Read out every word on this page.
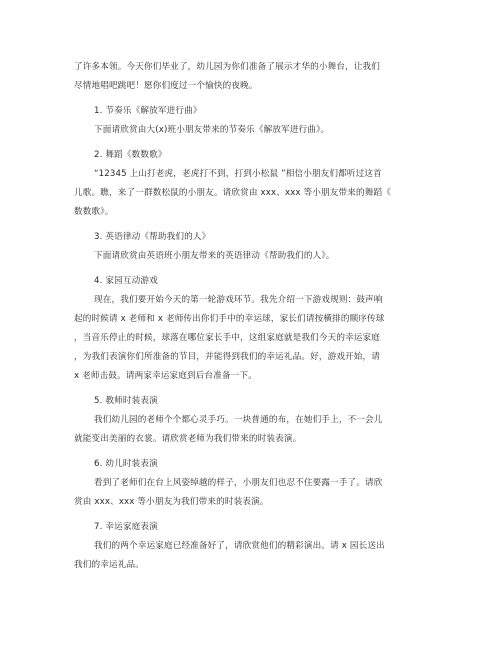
了许多本领。今天你们毕业了，幼儿园为你们准备了展示才华的小舞台，让我们
尽情地唱吧跳吧！愿你们度过一个愉快的夜晚。
1. 节奏乐《解放军进行曲》
下面请欣赏由大(x)班小朋友带来的节奏乐《解放军进行曲》。
2. 舞蹈《数数歌》
“12345 上山打老虎，老虎打不到，打到小松鼠 ”相信小朋友们都听过这首
儿歌。瞧，来了一群数松鼠的小朋友。请欣赏由 xxx、xxx 等小朋友带来的舞蹈《
数数歌》。
3. 英语律动《帮助我们的人》
下面请欣赏由英语班小朋友带来的英语律动《帮助我们的人》。
4. 家园互动游戏
现在，我们要开始今天的第一轮游戏环节。我先介绍一下游戏规则：鼓声响
起的时候请 x 老师和 x 老师传出你们手中的幸运球，家长们请按横排的顺序传球
，当音乐停止的时候，球落在哪位家长手中，这组家庭就是我们今天的幸运家庭
，为我们表演你们所准备的节目，并能得到我们的幸运礼品。好，游戏开始，请
x 老师击鼓。请两家幸运家庭到后台准备一下。
5. 教师时装表演
我们幼儿园的老师个个都心灵手巧。一块普通的布，在她们手上，不一会儿
就能变出美丽的衣裳。请欣赏老师为我们带来的时装表演。
6. 幼儿时装表演
看到了老师们在台上风姿绰越的样子，小朋友们也忍不住要露一手了。请欣
赏由 xxx、xxx 等小朋友为我们带来的时装表演。
7. 幸运家庭表演
我们的两个幸运家庭已经准备好了，请欣赏他们的精彩演出。请 x 园长送出
我们的幸运礼品。
